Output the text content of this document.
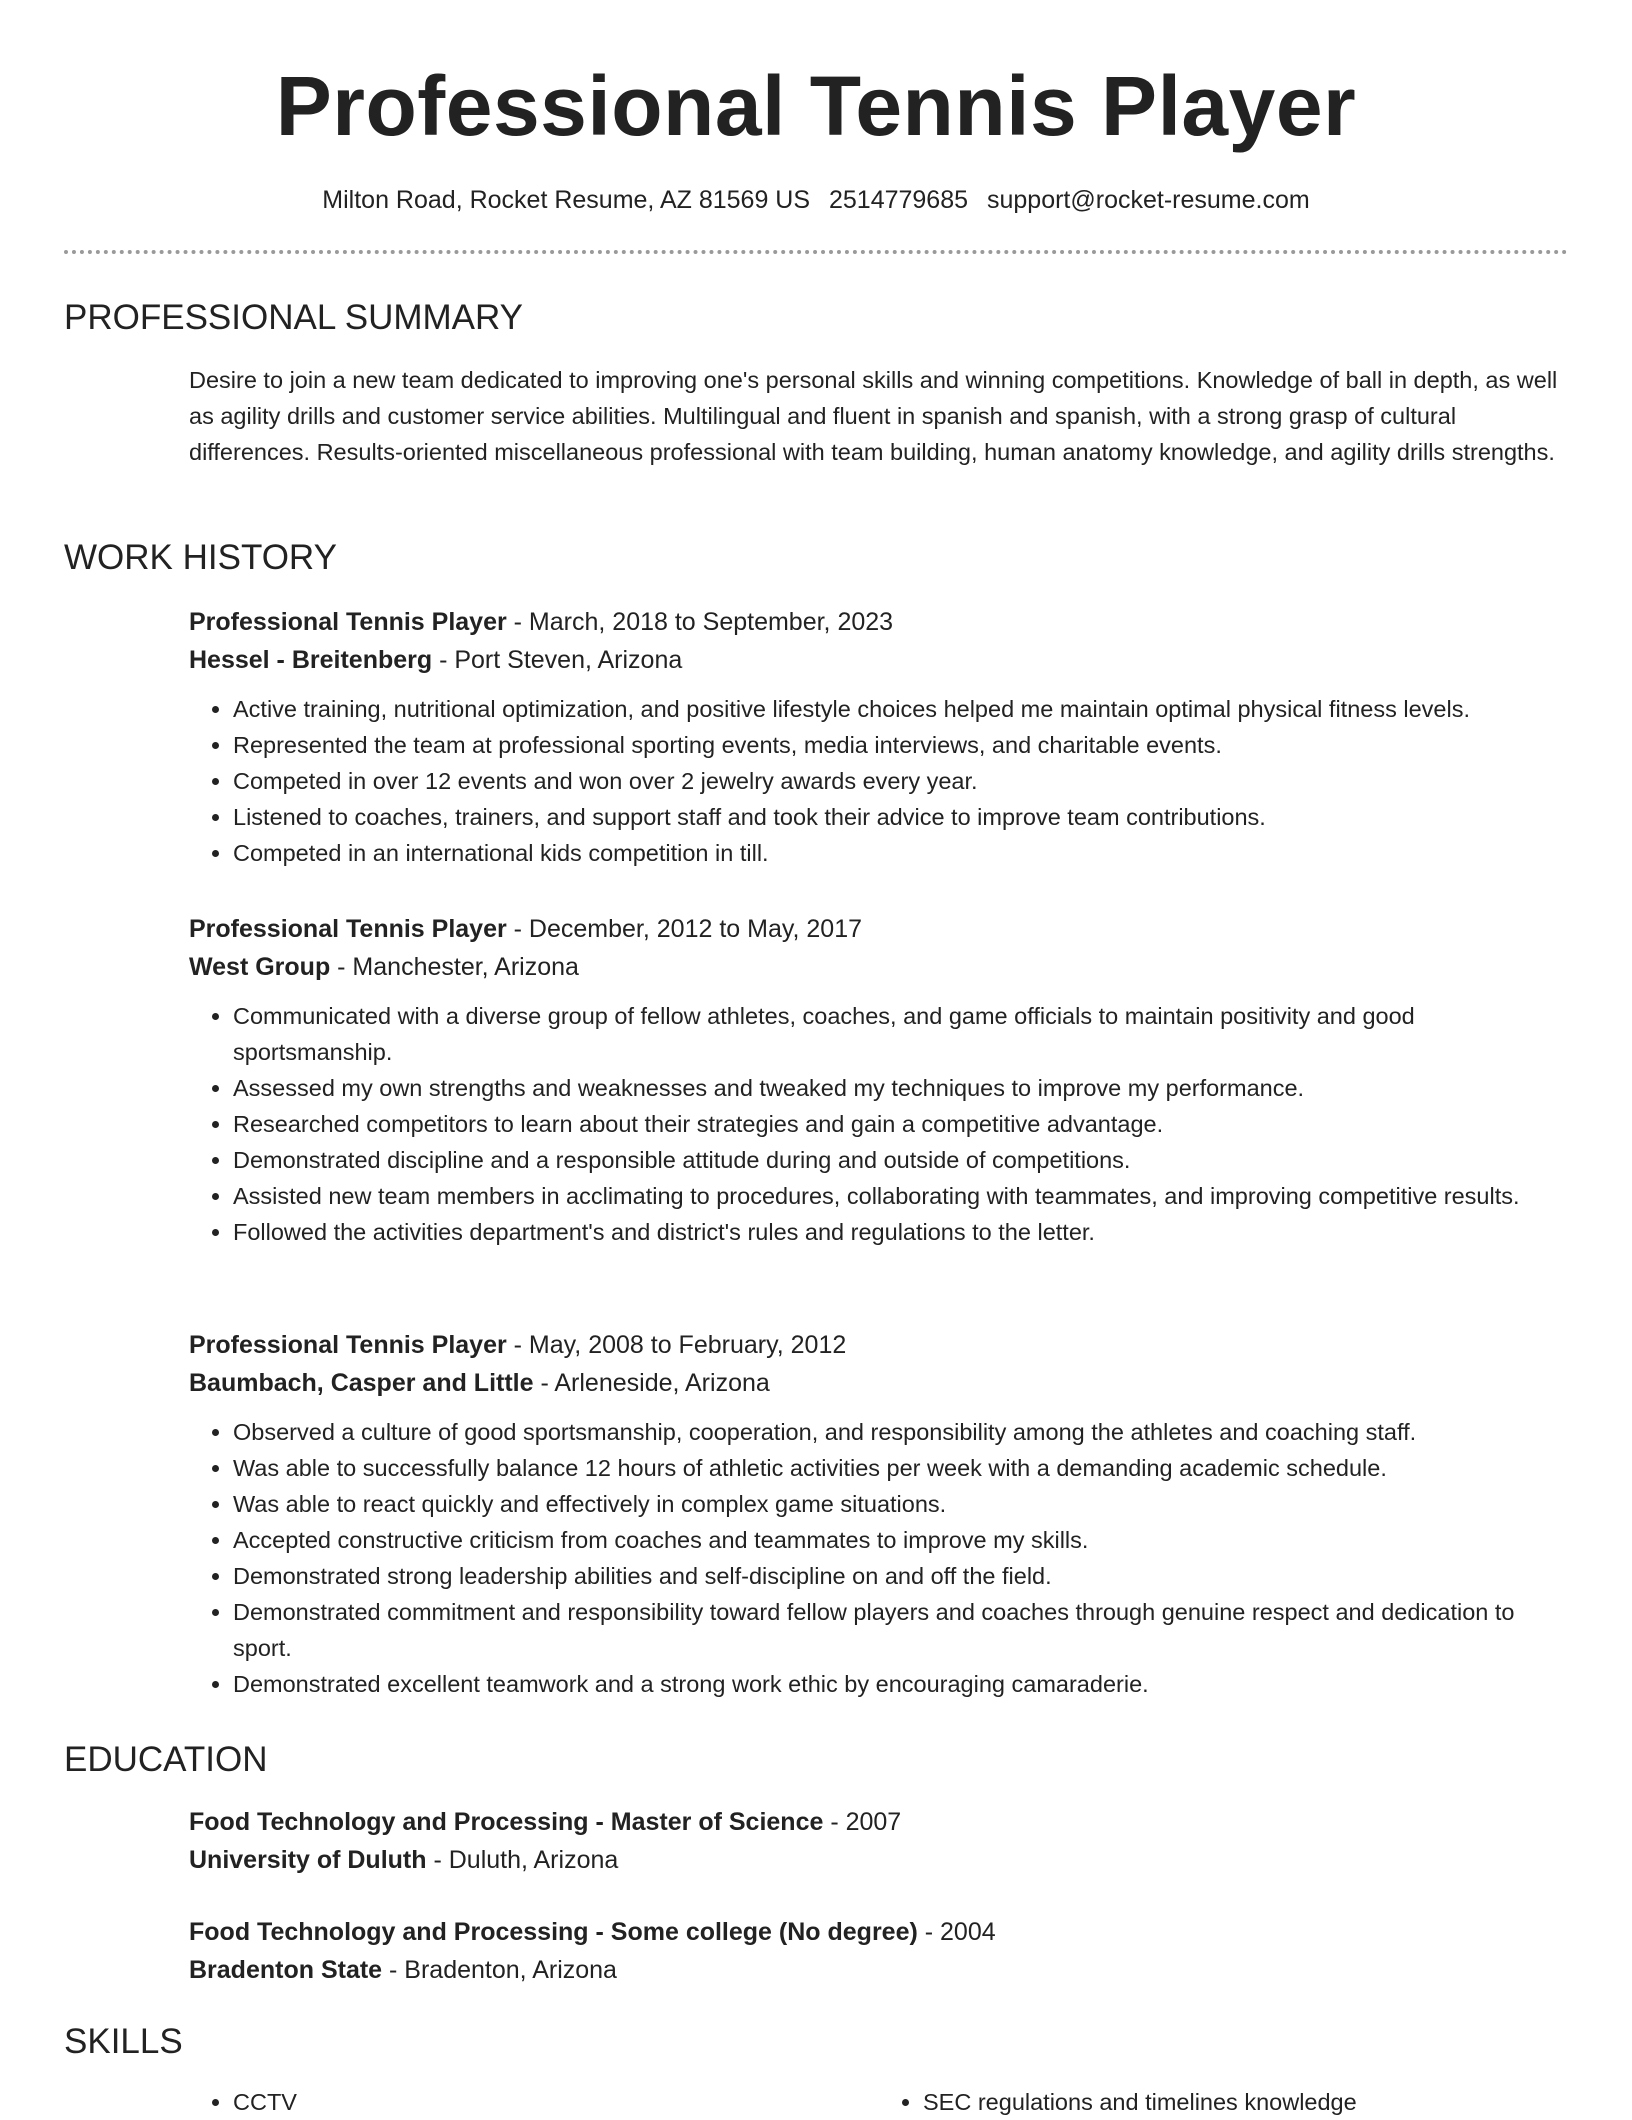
Professional Tennis Player
Milton Road, Rocket Resume, AZ 81569 US 2514779685 support@rocket-resume.com
PROFESSIONAL SUMMARY

Desire to join a new team dedicated to improving one's personal skills and winning competitions. Knowledge of ball in depth, as well as agility drills and customer service abilities. Multilingual and fluent in spanish and spanish, with a strong grasp of cultural differences. Results-oriented miscellaneous professional with team building, human anatomy knowledge, and agility drills strengths.

WORK HISTORY

Professional Tennis Player - March, 2018 to September, 2023

Hessel - Breitenberg - Port Steven, Arizona

• Active training, nutritional optimization, and positive lifestyle choices helped me maintain optimal physical fitness levels.
• Represented the team at professional sporting events, media interviews, and charitable events.
• Competed in over 12 events and won over 2 jewelry awards every year.
• Listened to coaches, trainers, and support staff and took their advice to improve team contributions.
• Competed in an international kids competition in till.

Professional Tennis Player - December, 2012 to May, 2017

West Group - Manchester, Arizona

• Communicated with a diverse group of fellow athletes, coaches, and game officials to maintain positivity and good sportsmanship.
• Assessed my own strengths and weaknesses and tweaked my techniques to improve my performance.
• Researched competitors to learn about their strategies and gain a competitive advantage.
• Demonstrated discipline and a responsible attitude during and outside of competitions.
• Assisted new team members in acclimating to procedures, collaborating with teammates, and improving competitive results.
• Followed the activities department's and district's rules and regulations to the letter.

Professional Tennis Player - May, 2008 to February, 2012

Baumbach, Casper and Little - Arleneside, Arizona

• Observed a culture of good sportsmanship, cooperation, and responsibility among the athletes and coaching staff.
• Was able to successfully balance 12 hours of athletic activities per week with a demanding academic schedule.
• Was able to react quickly and effectively in complex game situations.
• Accepted constructive criticism from coaches and teammates to improve my skills.
• Demonstrated strong leadership abilities and self-discipline on and off the field.
• Demonstrated commitment and responsibility toward fellow players and coaches through genuine respect and dedication to sport.
• Demonstrated excellent teamwork and a strong work ethic by encouraging camaraderie.
EDUCATION

Food Technology and Processing - Master of Science - 2007

University of Duluth - Duluth, Arizona

Food Technology and Processing - Some college (No degree) - 2004

Bradenton State - Bradenton, Arizona

SKILLS
• CCTV
•	SEC regulations and timelines knowledge
